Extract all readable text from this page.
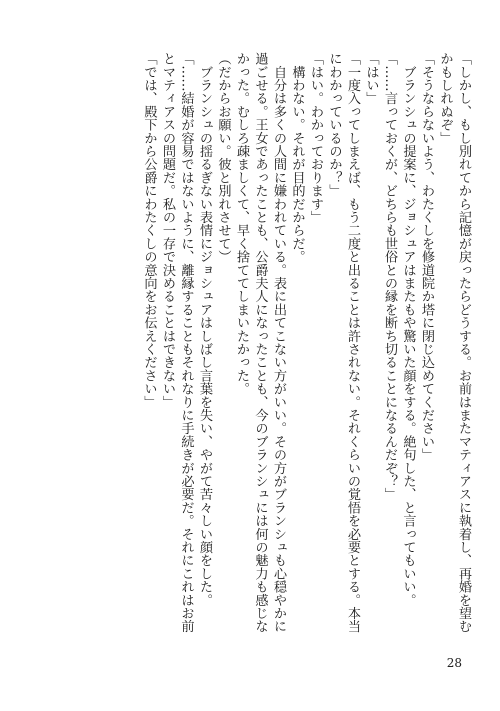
「しかし、もし別れてから記憶が戻ったらどうする。お前はまたマティアスに執着し、再婚を望む
かもしれぬぞ」
「そうならないよう、わたくしを修道院か塔に閉じ込めてください」
　ブランシュの提案に、ジョシュアはまたもや驚いた顔をする。絶句した、と言ってもいい。
「……言っておくが、どちらも世俗との縁を断ち切ることになるんだぞ？」
「はい」
「一度入ってしまえば、もう二度と出ることは許されない。それくらいの覚悟を必要とする。本当
にわかっているのか？」
「はい。わかっております」
　構わない。それが目的だからだ。
　自分は多くの人間に嫌われている。表に出てこない方がいい。その方がブランシュも心穏やかに
過ごせる。王女であったことも、公爵夫人になったことも、今のブランシュには何の魅力も感じな
かった。むしろ疎ましくて、早く捨ててしまいたかった。
（だからお願い。彼と別れさせて）
　ブランシュの揺るぎない表情にジョシュアはしばし言葉を失い、やがて苦々しい顔をした。
「……結婚が容易ではないように、離縁することもそれなりに手続きが必要だ。それにこれはお前
とマティアスの問題だ。私の一存で決めることはできない」
「では、殿下から公爵にわたくしの意向をお伝えください」
28
